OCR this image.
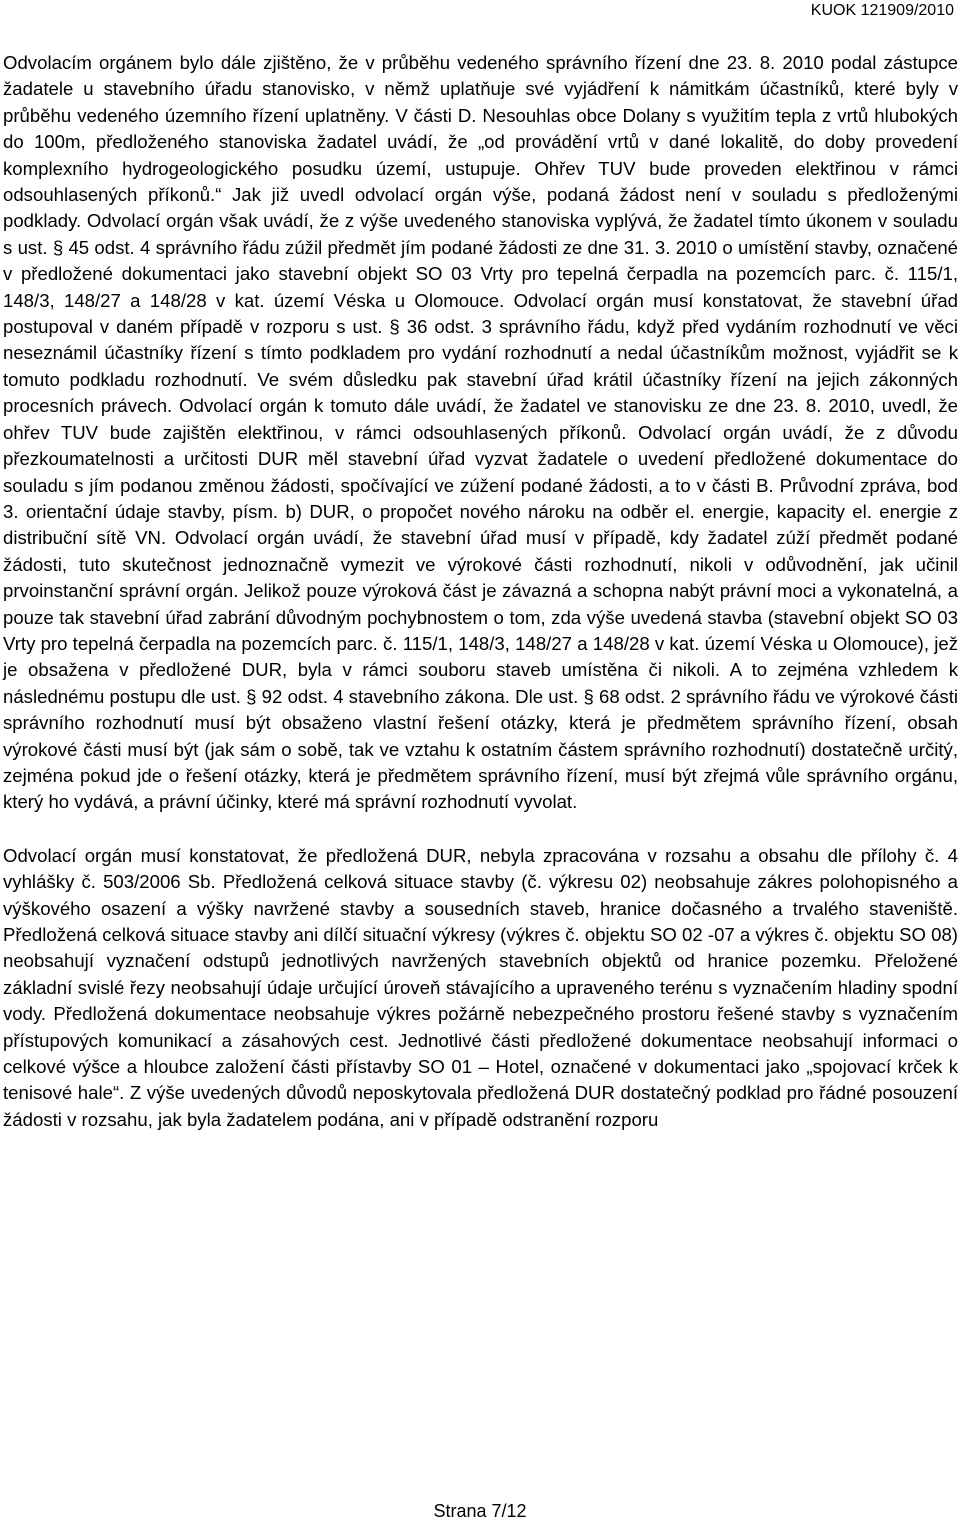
KUOK 121909/2010

Odvolacím orgánem bylo dále zjištěno, že v průběhu vedeného správního řízení dne 23. 8. 2010 podal zástupce žadatele u stavebního úřadu stanovisko, v němž uplatňuje své vyjádření k námitkám účastníků, které byly v průběhu vedeného územního řízení uplatněny. V části D. Nesouhlas obce Dolany s využitím tepla z vrtů hlubokých do 100m, předloženého stanoviska žadatel uvádí, že „od provádění vrtů v dané lokalitě, do doby provedení komplexního hydrogeologického posudku území, ustupuje. Ohřev TUV bude proveden elektřinou v rámci odsouhlasených příkonů.“ Jak již uvedl odvolací orgán výše, podaná žádost není v souladu s předloženými podklady. Odvolací orgán však uvádí, že z výše uvedeného stanoviska vyplývá, že žadatel tímto úkonem v souladu s ust. § 45 odst. 4 správního řádu zúžil předmět jím podané žádosti ze dne 31. 3. 2010 o umístění stavby, označené v předložené dokumentaci jako stavební objekt SO 03 Vrty pro tepelná čerpadla na pozemcích parc. č. 115/1, 148/3, 148/27 a 148/28 v kat. území Véska u Olomouce. Odvolací orgán musí konstatovat, že stavební úřad postupoval v daném případě v rozporu s ust. § 36 odst. 3 správního řádu, když před vydáním rozhodnutí ve věci neseznámil účastníky řízení s tímto podkladem pro vydání rozhodnutí a nedal účastníkům možnost, vyjádřit se k tomuto podkladu rozhodnutí. Ve svém důsledku pak stavební úřad krátil účastníky řízení na jejich zákonných procesních právech. Odvolací orgán k tomuto dále uvádí, že žadatel ve stanovisku ze dne 23. 8. 2010, uvedl, že ohřev TUV bude zajištěn elektřinou, v rámci odsouhlasených příkonů. Odvolací orgán uvádí, že z důvodu přezkoumatelnosti a určitosti DUR měl stavební úřad vyzvat žadatele o uvedení předložené dokumentace do souladu s jím podanou změnou žádosti, spočívající ve zúžení podané žádosti, a to v části B. Průvodní zpráva, bod 3. orientační údaje stavby, písm. b) DUR, o propočet nového nároku na odběr el. energie, kapacity el. energie z distribuční sítě VN. Odvolací orgán uvádí, že stavební úřad musí v případě, kdy žadatel zúží předmět podané žádosti, tuto skutečnost jednoznačně vymezit ve výrokové části rozhodnutí, nikoli v odůvodnění, jak učinil prvoinstanční správní orgán. Jelikož pouze výroková část je závazná a schopna nabýt právní moci a vykonatelná, a pouze tak stavební úřad zabrání důvodným pochybnostem o tom, zda výše uvedená stavba (stavební objekt SO 03 Vrty pro tepelná čerpadla na pozemcích parc. č. 115/1, 148/3, 148/27 a 148/28 v kat. území Véska u Olomouce), jež je obsažena v předložené DUR, byla v rámci souboru staveb umístěna či nikoli. A to zejména vzhledem k následnému postupu dle ust. § 92 odst. 4 stavebního zákona. Dle ust. § 68 odst. 2 správního řádu ve výrokové části správního rozhodnutí musí být obsaženo vlastní řešení otázky, která je předmětem správního řízení, obsah výrokové části musí být (jak sám o sobě, tak ve vztahu k ostatním částem správního rozhodnutí) dostatečně určitý, zejména pokud jde o řešení otázky, která je předmětem správního řízení, musí být zřejmá vůle správního orgánu, který ho vydává, a právní účinky, které má správní rozhodnutí vyvolat.

Odvolací orgán musí konstatovat, že předložená DUR, nebyla zpracována v rozsahu a obsahu dle přílohy č. 4 vyhlášky č. 503/2006 Sb. Předložená celková situace stavby (č. výkresu 02) neobsahuje zákres polohopisného a výškového osazení a výšky navržené stavby a sousedních staveb, hranice dočasného a trvalého staveniště. Předložená celková situace stavby ani dílčí situační výkresy (výkres č. objektu SO 02 -07 a výkres č. objektu SO 08) neobsahují vyznačení odstupů jednotlivých navržených stavebních objektů od hranice pozemku. Přeložené základní svislé řezy neobsahují údaje určující úroveň stávajícího a upraveného terénu s vyznačením hladiny spodní vody. Předložená dokumentace neobsahuje výkres požárně nebezpečného prostoru řešené stavby s vyznačením přístupových komunikací a zásahových cest. Jednotlivé části předložené dokumentace neobsahují informaci o celkové výšce a hloubce založení části přístavby SO 01 – Hotel, označené v dokumentaci jako „spojovací krček k tenisové hale“. Z výše uvedených důvodů neposkytovala předložená DUR dostatečný podklad pro řádné posouzení žádosti v rozsahu, jak byla žadatelem podána, ani v případě odstranění rozporu

Strana 7/12
